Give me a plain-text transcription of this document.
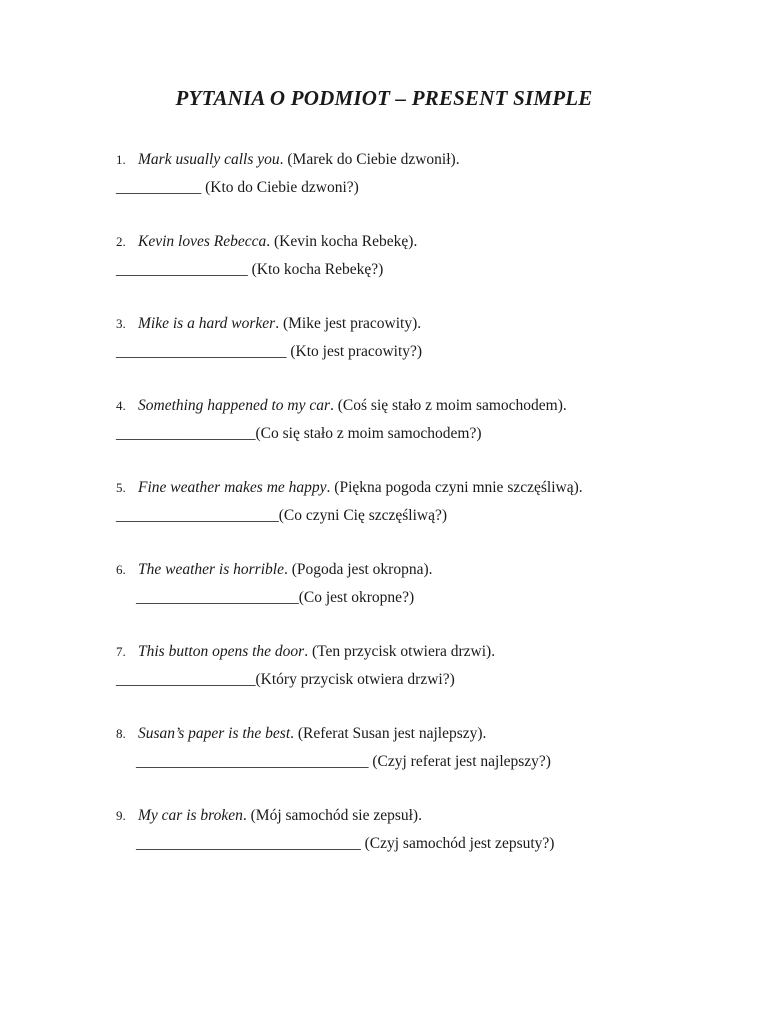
PYTANIA O PODMIOT – PRESENT SIMPLE
1. Mark usually calls you. (Marek do Ciebie dzwonił).
___________ (Kto do Ciebie dzwoni?)
2. Kevin loves Rebecca. (Kevin kocha Rebekę).
_________________ (Kto kocha Rebekę?)
3. Mike is a hard worker. (Mike jest pracowity).
______________________ (Kto jest pracowity?)
4. Something happened to my car. (Coś się stało z moim samochodem).
__________________(Co się stało z moim samochodem?)
5. Fine weather makes me happy. (Piękna pogoda czyni mnie szczęśliwą).
_____________________(Co czyni Cię szczęśliwą?)
6. The weather is horrible. (Pogoda jest okropna).
_____________________(Co jest okropne?)
7. This button opens the door. (Ten przycisk otwiera drzwi).
__________________(Który przycisk otwiera drzwi?)
8. Susan’s paper is the best. (Referat Susan jest najlepszy).
______________________________ (Czyj referat jest najlepszy?)
9. My car is broken. (Mój samochód sie zepsuł).
_____________________________ (Czyj samochód jest zepsuty?)
